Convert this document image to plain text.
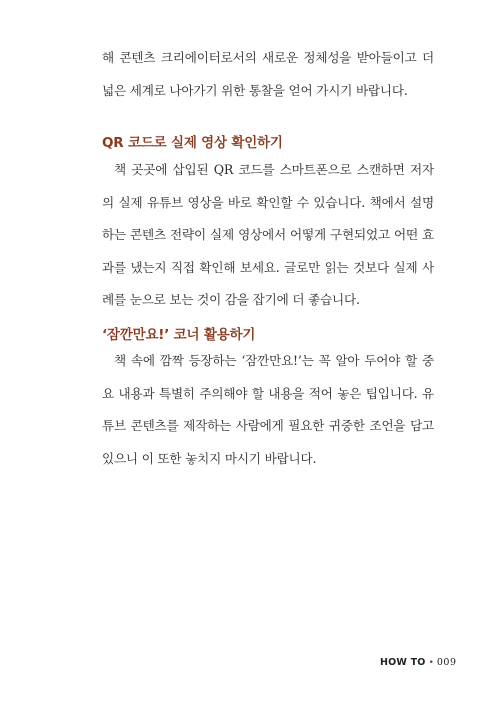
해 콘텐츠 크리에이터로서의 새로운 정체성을 받아들이고 더 넓은 세계로 나아가기 위한 통찰을 얻어 가시기 바랍니다.

QR 코드로 실제 영상 확인하기

책 곳곳에 삽입된 QR 코드를 스마트폰으로 스캔하면 저자의 실제 유튜브 영상을 바로 확인할 수 있습니다. 책에서 설명하는 콘텐츠 전략이 실제 영상에서 어떻게 구현되었고 어떤 효과를 냈는지 직접 확인해 보세요. 글로만 읽는 것보다 실제 사례를 눈으로 보는 것이 감을 잡기에 더 좋습니다.

‘잠깐만요!’ 코너 활용하기

책 속에 깜짝 등장하는 ‘잠깐만요!’는 꼭 알아 두어야 할 중요 내용과 특별히 주의해야 할 내용을 적어 놓은 팁입니다. 유튜브 콘텐츠를 제작하는 사람에게 필요한 귀중한 조언을 담고 있으니 이 또한 놓치지 마시기 바랍니다.

HOW TO • 009
